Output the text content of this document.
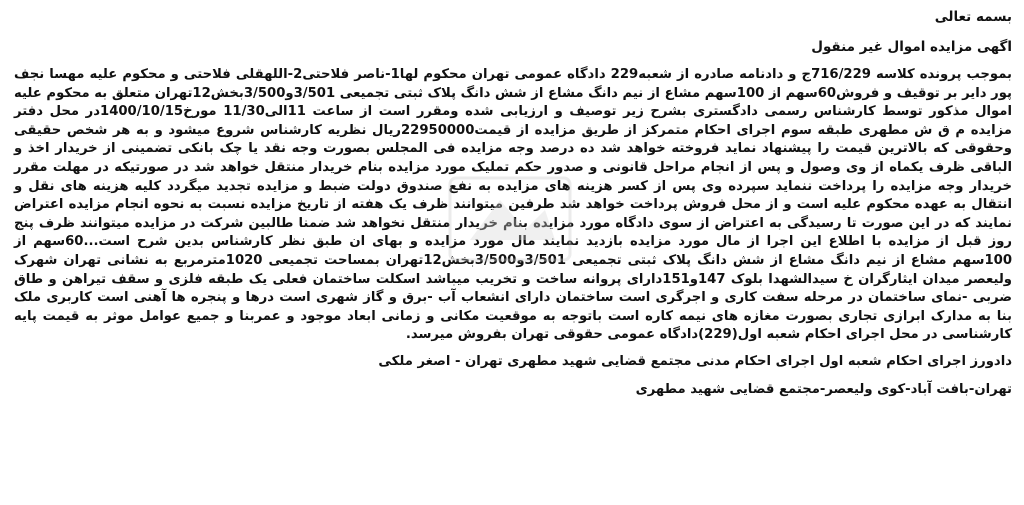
بسمه تعالی

اگهی مزایده اموال غیر منقول

بموجب پرونده کلاسه 716/229ج و دادنامه صادره از شعبه229 دادگاه عمومی تهران محکوم لها1-ناصر فلاحتی2-اللهقلی فلاحتی و محکوم علیه مهسا نجف پور دایر بر توقیف و فروش60سهم از 100سهم مشاع از نیم دانگ مشاع از شش دانگ پلاک ثبتی تجمیعی 3/501و3/500بخش12تهران متعلق به محکوم علیه اموال مذکور توسط کارشناس رسمی دادگستری بشرح زیر توصیف و ارزیابی شده ومقرر است از ساعت 11الی11/30 مورخ1400/10/15در محل دفتر مزایده م ق ش مطهری طبقه سوم اجرای احکام متمرکز از طریق مزایده از قیمت22950000ریال نظریه کارشناس شروع میشود و به هر شخص حقیقی وحقوقی که بالاترین قیمت را پیشنهاد نماید فروخته خواهد شد ده درصد وجه مزایده فی المجلس بصورت وجه نقد یا چک بانکی تضمینی از خریدار اخذ و الباقی ظرف یکماه از وی وصول و پس از انجام مراحل قانونی و صدور حکم تملیک مورد مزایده بنام خریدار منتقل خواهد شد در صورتیکه در مهلت مقرر خریدار وجه مزایده را پرداخت ننماید سپرده وی پس از کسر هزینه های مزایده به نفع صندوق دولت ضبط و مزایده تجدید میگردد کلیه هزینه های نقل و انتقال به عهده محکوم علیه است و از محل فروش پرداخت خواهد شد طرفین میتوانند ظرف یک هفته از تاریخ مزایده نسبت به نحوه انجام مزایده اعتراض نمایند که در این صورت تا رسیدگی به اعتراض از سوی دادگاه مورد مزایده بنام خریدار منتقل نخواهد شد ضمنا طالبین شرکت در مزایده میتوانند ظرف پنج روز قبل از مزایده با اطلاع این اجرا از مال مورد مزایده بازدید نمایند مال مورد مزایده و بهای ان طبق نظر کارشناس بدین شرح است...60سهم از 100سهم مشاع از نیم دانگ مشاع از شش دانگ پلاک ثبتی تجمیعی 3/501و3/500بخش12تهران بمساحت تجمیعی 1020مترمربع به نشانی تهران شهرک ولیعصر میدان ایثارگران خ سیدالشهدا بلوک 147و151دارای پروانه ساخت و تخریب میباشد اسکلت ساختمان فعلی یک طبقه فلزی و سقف تیراهن و طاق ضربی -نمای ساختمان در مرحله سفت کاری و اجرگری است ساختمان دارای انشعاب آب -برق و گاز شهری است درها و پنجره ها آهنی است کاربری ملک بنا به مدارک ابرازی تجاری بصورت مغازه های نیمه کاره است باتوجه به موقعیت مکانی و زمانی ابعاد موجود و عمربنا و جمیع عوامل موثر به قیمت پایه کارشناسی در محل اجرای احکام شعبه اول(229)دادگاه عمومی حقوقی تهران بفروش میرسد.

دادورز اجرای احکام شعبه اول اجرای احکام مدنی مجتمع قضایی شهید مطهری تهران - اصغر ملکی

تهران-بافت آباد-کوی ولیعصر-مجتمع قضایی شهید مطهری
